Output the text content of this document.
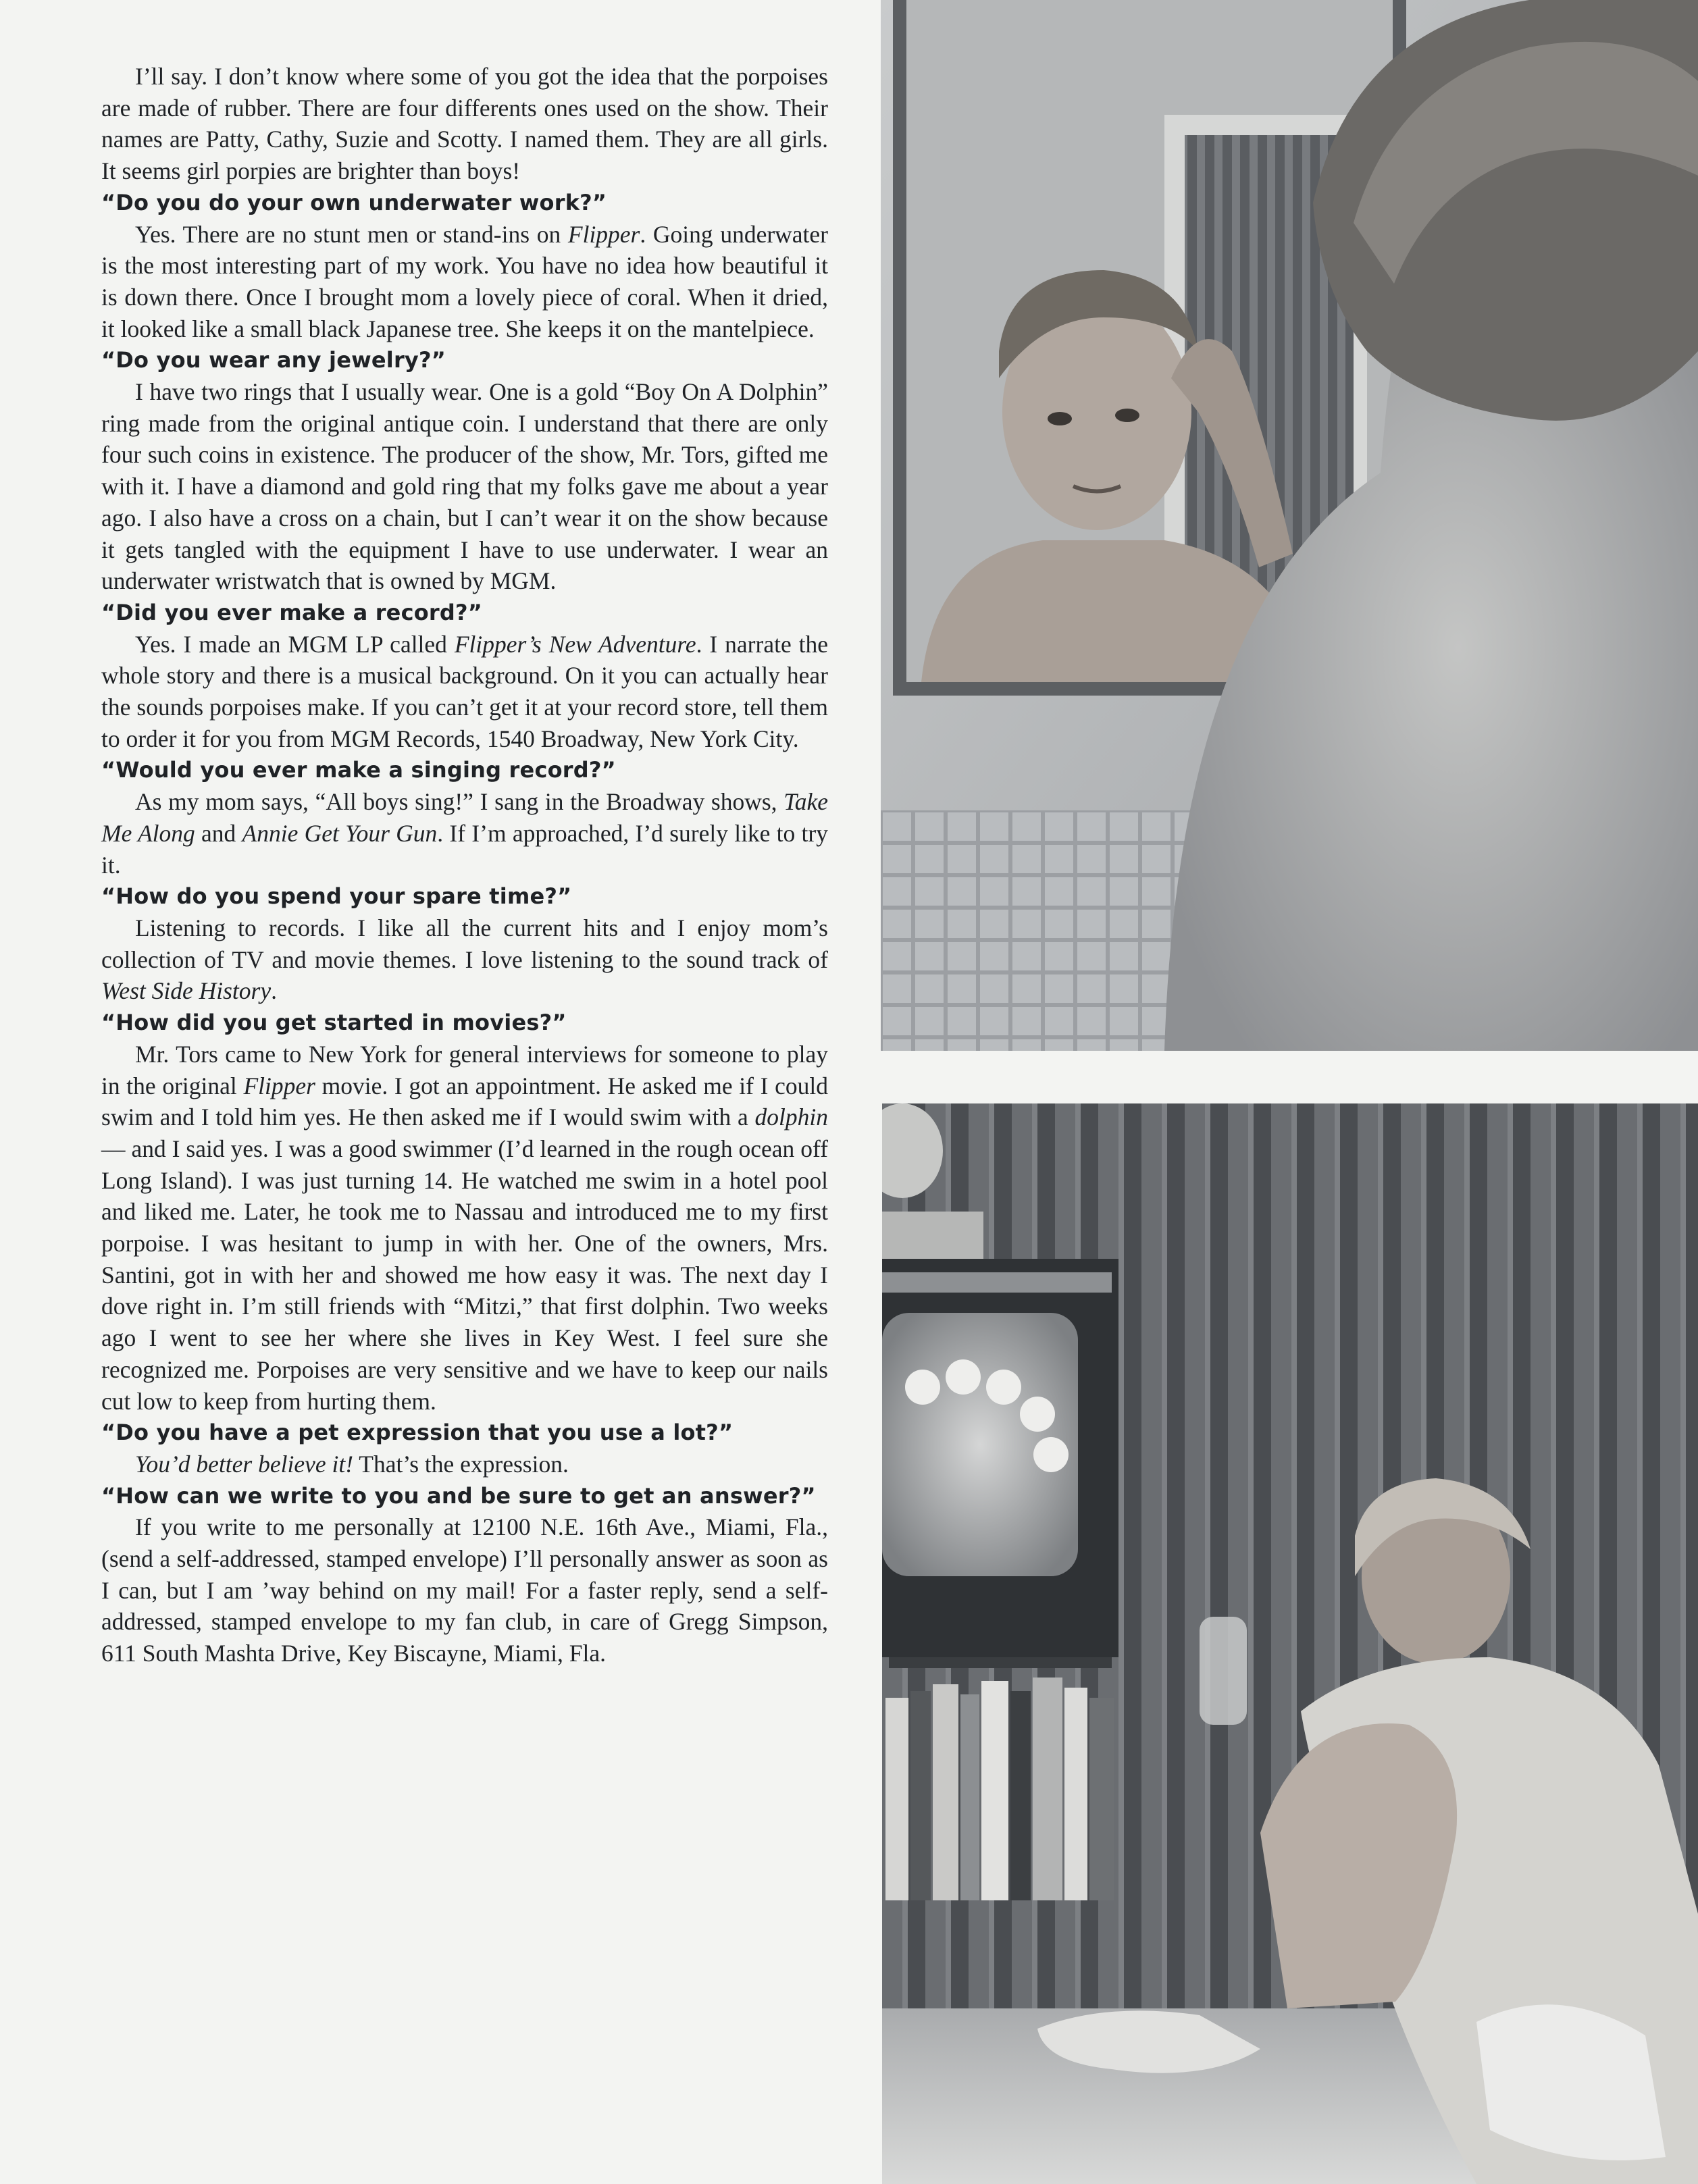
I’ll say. I don’t know where some of you got the idea that the porpoises are made of rubber. There are four differents ones used on the show. Their names are Patty, Cathy, Suzie and Scotty. I named them. They are all girls. It seems girl porpies are brighter than boys!

“Do you do your own underwater work?”

Yes. There are no stunt men or stand-ins on Flipper. Going underwater is the most interesting part of my work. You have no idea how beautiful it is down there. Once I brought mom a lovely piece of coral. When it dried, it looked like a small black Japanese tree. She keeps it on the mantelpiece.

“Do you wear any jewelry?”

I have two rings that I usually wear. One is a gold “Boy On A Dolphin” ring made from the original antique coin. I understand that there are only four such coins in existence. The producer of the show, Mr. Tors, gifted me with it. I have a diamond and gold ring that my folks gave me about a year ago. I also have a cross on a chain, but I can’t wear it on the show because it gets tangled with the equipment I have to use underwater. I wear an underwater wristwatch that is owned by MGM.

“Did you ever make a record?”

Yes. I made an MGM LP called Flipper’s New Adventure. I narrate the whole story and there is a musical background. On it you can actually hear the sounds porpoises make. If you can’t get it at your record store, tell them to order it for you from MGM Records, 1540 Broadway, New York City.

“Would you ever make a singing record?”

As my mom says, “All boys sing!” I sang in the Broadway shows, Take Me Along and Annie Get Your Gun. If I’m approached, I’d surely like to try it.

“How do you spend your spare time?”

Listening to records. I like all the current hits and I enjoy mom’s collection of TV and movie themes. I love listening to the sound track of West Side History.

“How did you get started in movies?”

Mr. Tors came to New York for general interviews for someone to play in the original Flipper movie. I got an appointment. He asked me if I could swim and I told him yes. He then asked me if I would swim with a dolphin — and I said yes. I was a good swimmer (I’d learned in the rough ocean off Long Island). I was just turning 14. He watched me swim in a hotel pool and liked me. Later, he took me to Nassau and introduced me to my first porpoise. I was hesitant to jump in with her. One of the owners, Mrs. Santini, got in with her and showed me how easy it was. The next day I dove right in. I’m still friends with “Mitzi,” that first dolphin. Two weeks ago I went to see her where she lives in Key West. I feel sure she recognized me. Porpoises are very sensitive and we have to keep our nails cut low to keep from hurting them.

“Do you have a pet expression that you use a lot?”

You’d better believe it! That’s the expression.

“How can we write to you and be sure to get an answer?”

If you write to me personally at 12100 N.E. 16th Ave., Miami, Fla., (send a self-addressed, stamped envelope) I’ll personally answer as soon as I can, but I am ’way behind on my mail! For a faster reply, send a self-addressed, stamped envelope to my fan club, in care of Gregg Simpson, 611 South Mashta Drive, Key Biscayne, Miami, Fla.
